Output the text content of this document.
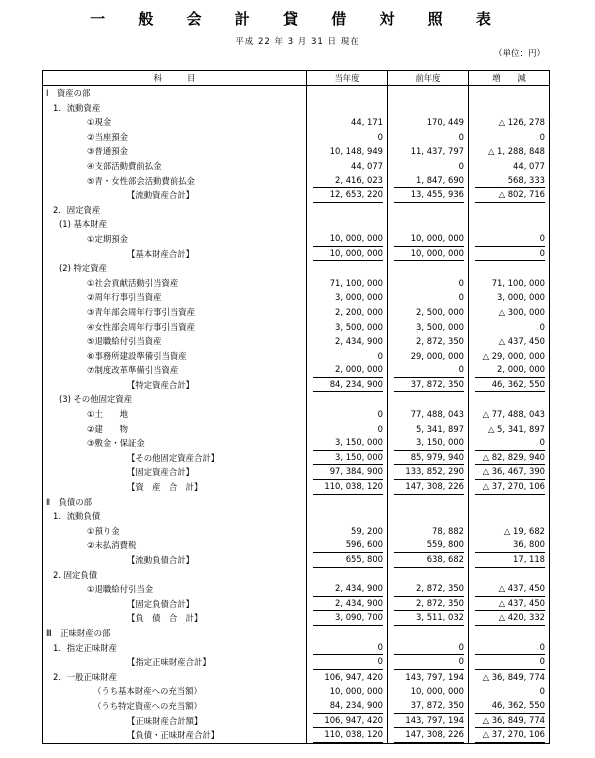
一 般 会 計 貸 借 対 照 表
平成 22 年 3 月 31 日 現在
（単位：円）
科　　　目	当年度	前年度	増　　減
Ⅰ　資産の部			
1．流動資産			
①現金	44, 171	170, 449	△ 126, 278
②当座預金	0	0	0
③普通預金	10, 148, 949	11, 437, 797	△ 1, 288, 848
④支部活動費前払金	44, 077	0	44, 077
⑤青・女性部会活動費前払金	2, 416, 023	1, 847, 690	568, 333

【流動資産合計】	12, 653, 220	13, 455, 936	△ 802, 716

2．固定資産			
(1) 基本財産			
①定期預金	10, 000, 000	10, 000, 000	0

【基本財産合計】	10, 000, 000	10, 000, 000	0

(2) 特定資産			
①社会貢献活動引当資産	71, 100, 000	0	71, 100, 000
②周年行事引当資産	3, 000, 000	0	3, 000, 000
③青年部会周年行事引当資産	2, 200, 000	2, 500, 000	△ 300, 000
④女性部会周年行事引当資産	3, 500, 000	3, 500, 000	0
⑤退職給付引当資産	2, 434, 900	2, 872, 350	△ 437, 450
⑥事務所建設準備引当資産	0	29, 000, 000	△ 29, 000, 000
⑦制度改革準備引当資産	2, 000, 000	0	2, 000, 000

【特定資産合計】	84, 234, 900	37, 872, 350	46, 362, 550

(3) その他固定資産			
①土　　地	0	77, 488, 043	△ 77, 488, 043
②建　　物	0	5, 341, 897	△ 5, 341, 897
③敷金・保証金	3, 150, 000	3, 150, 000	0

【その他固定資産合計】	3, 150, 000	85, 979, 940	△ 82, 829, 940

【固定資産合計】	97, 384, 900	133, 852, 290	△ 36, 467, 390

【資　産　合　計】	110, 038, 120	147, 308, 226	△ 37, 270, 106

Ⅱ　負債の部			
1．流動負債			
①預り金	59, 200	78, 882	△ 19, 682
②未払消費税	596, 600	559, 800	36, 800

【流動負債合計】	655, 800	638, 682	17, 118

2. 固定負債			
①退職給付引当金	2, 434, 900	2, 872, 350	△ 437, 450

【固定負債合計】	2, 434, 900	2, 872, 350	△ 437, 450

【負　債　合　計】	3, 090, 700	3, 511, 032	△ 420, 332

Ⅲ　正味財産の部			
1．指定正味財産	0	0	0

【指定正味財産合計】	0	0	0

2．一般正味財産	106, 947, 420	143, 797, 194	△ 36, 849, 774
（うち基本財産への充当額）	10, 000, 000	10, 000, 000	0
（うち特定資産への充当額）	84, 234, 900	37, 872, 350	46, 362, 550

【正味財産合計額】	106, 947, 420	143, 797, 194	△ 36, 849, 774

【負債・正味財産合計】	110, 038, 120	147, 308, 226	△ 37, 270, 106
